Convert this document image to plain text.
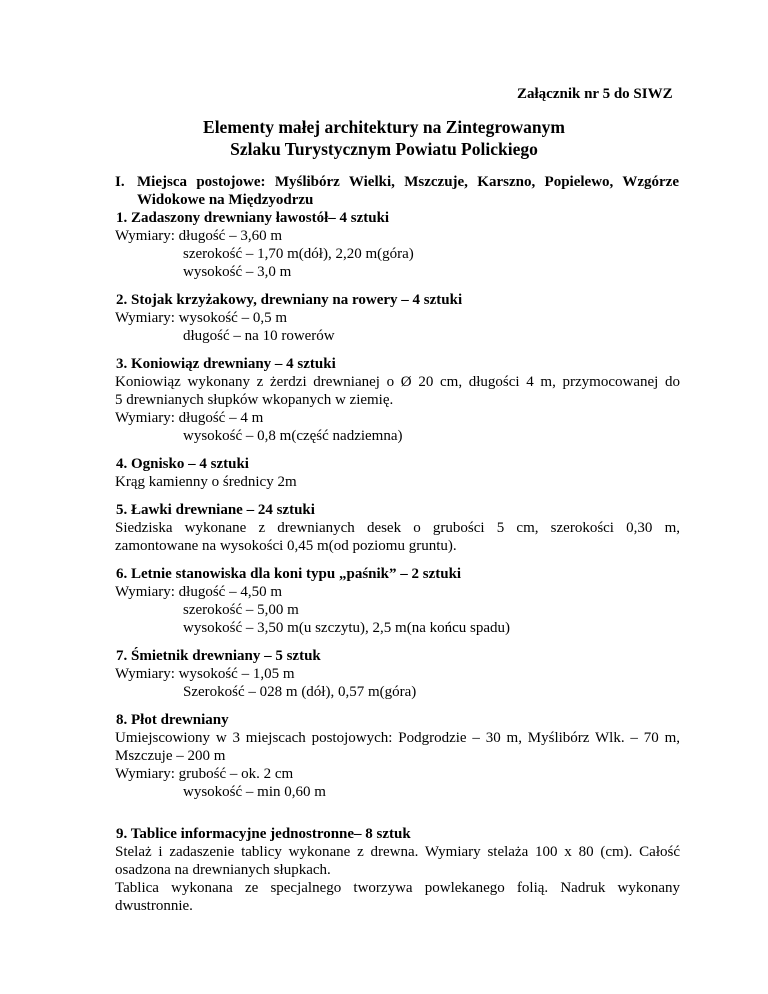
Załącznik nr 5 do SIWZ
Elementy małej architektury na Zintegrowanym
Szlaku Turystycznym Powiatu Polickiego
I. Miejsca postojowe: Myślibórz Wielki, Mszczuje, Karszno, Popielewo, Wzgórze
Widokowe na Międzyodrzu
1. Zadaszony drewniany ławostół– 4 sztuki
Wymiary: długość – 3,60 m
szerokość – 1,70 m(dół), 2,20 m(góra)
wysokość – 3,0 m
2. Stojak krzyżakowy, drewniany na rowery – 4 sztuki
Wymiary: wysokość – 0,5 m
długość – na 10 rowerów
3. Koniowiąz drewniany – 4 sztuki
Koniowiąz wykonany z żerdzi drewnianej o Ø 20 cm, długości 4 m, przymocowanej do
5 drewnianych słupków wkopanych w ziemię.
Wymiary: długość – 4 m
wysokość – 0,8 m(część nadziemna)
4. Ognisko – 4 sztuki
Krąg kamienny o średnicy 2m
5. Ławki drewniane – 24 sztuki
Siedziska wykonane z drewnianych desek o grubości 5 cm, szerokości 0,30 m,
zamontowane na wysokości 0,45 m(od poziomu gruntu).
6. Letnie stanowiska dla koni typu „paśnik” – 2 sztuki
Wymiary: długość – 4,50 m
szerokość – 5,00 m
wysokość – 3,50 m(u szczytu), 2,5 m(na końcu spadu)
7. Śmietnik drewniany – 5 sztuk
Wymiary: wysokość – 1,05 m
Szerokość – 028 m (dół), 0,57 m(góra)
8. Płot drewniany
Umiejscowiony w 3 miejscach postojowych: Podgrodzie – 30 m, Myślibórz Wlk. – 70 m,
Mszczuje – 200 m
Wymiary: grubość – ok. 2 cm
wysokość – min 0,60 m
9. Tablice informacyjne jednostronne– 8 sztuk
Stelaż i zadaszenie tablicy wykonane z drewna. Wymiary stelaża 100 x 80 (cm). Całość
osadzona na drewnianych słupkach.
Tablica wykonana ze specjalnego tworzywa powlekanego folią. Nadruk wykonany
dwustronnie.
